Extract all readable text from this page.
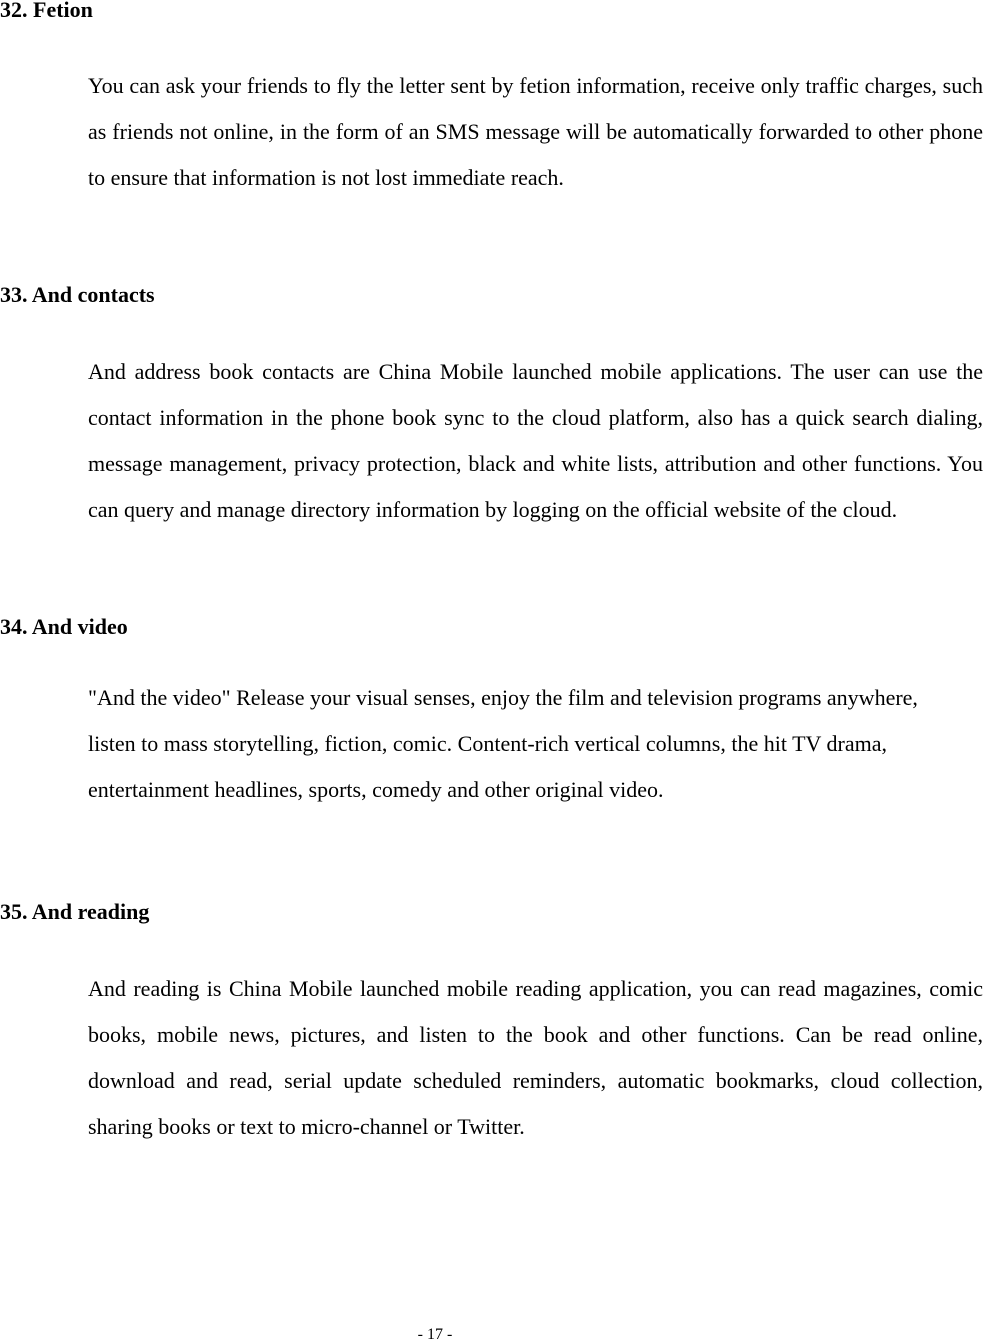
32. Fetion

You can ask your friends to fly the letter sent by fetion information, receive only traffic charges, such as friends not online, in the form of an SMS message will be automatically forwarded to other phone to ensure that information is not lost immediate reach.

33. And contacts

And address book contacts are China Mobile launched mobile applications. The user can use the contact information in the phone book sync to the cloud platform, also has a quick search dialing, message management, privacy protection, black and white lists, attribution and other functions. You can query and manage directory information by logging on the official website of the cloud.

34. And video

"And the video" Release your visual senses, enjoy the film and television programs anywhere, listen to mass storytelling, fiction, comic. Content-rich vertical columns, the hit TV drama, entertainment headlines, sports, comedy and other original video.

35. And reading

And reading is China Mobile launched mobile reading application, you can read magazines, comic books, mobile news, pictures, and listen to the book and other functions. Can be read online, download and read, serial update scheduled reminders, automatic bookmarks, cloud collection, sharing books or text to micro-channel or Twitter.

- 17 -
